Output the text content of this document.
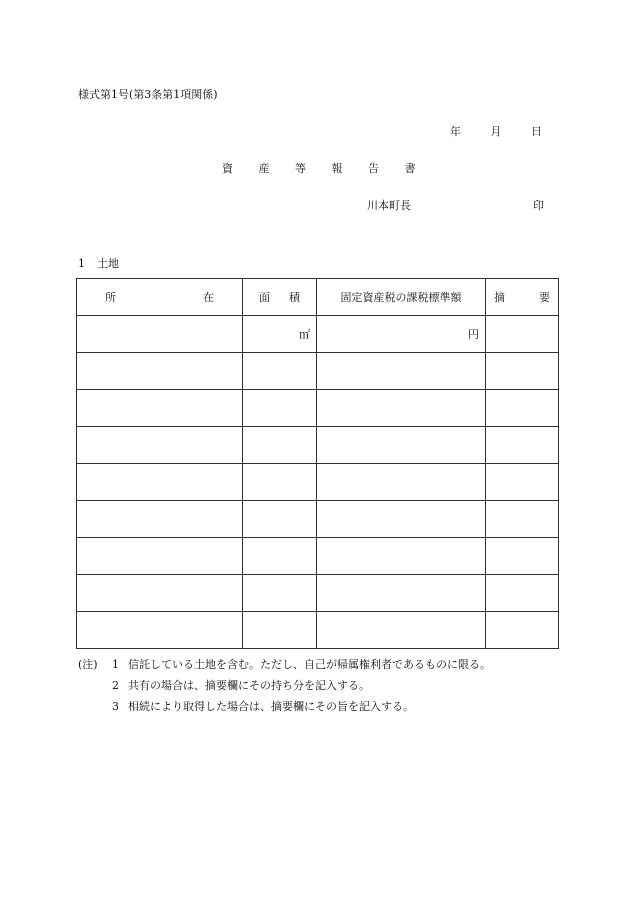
様式第1号(第3条第1項関係)
年	月	日
資 産 等 報 告 書
川本町長	印
1 土地
所 在	面 積	固定資産税の課税標準額	摘 要

	㎡	円	

(注) 1 信託している土地を含む。ただし、自己が帰属権利者であるものに限る。
2 共有の場合は、摘要欄にその持ち分を記入する。
3 相続により取得した場合は、摘要欄にその旨を記入する。
